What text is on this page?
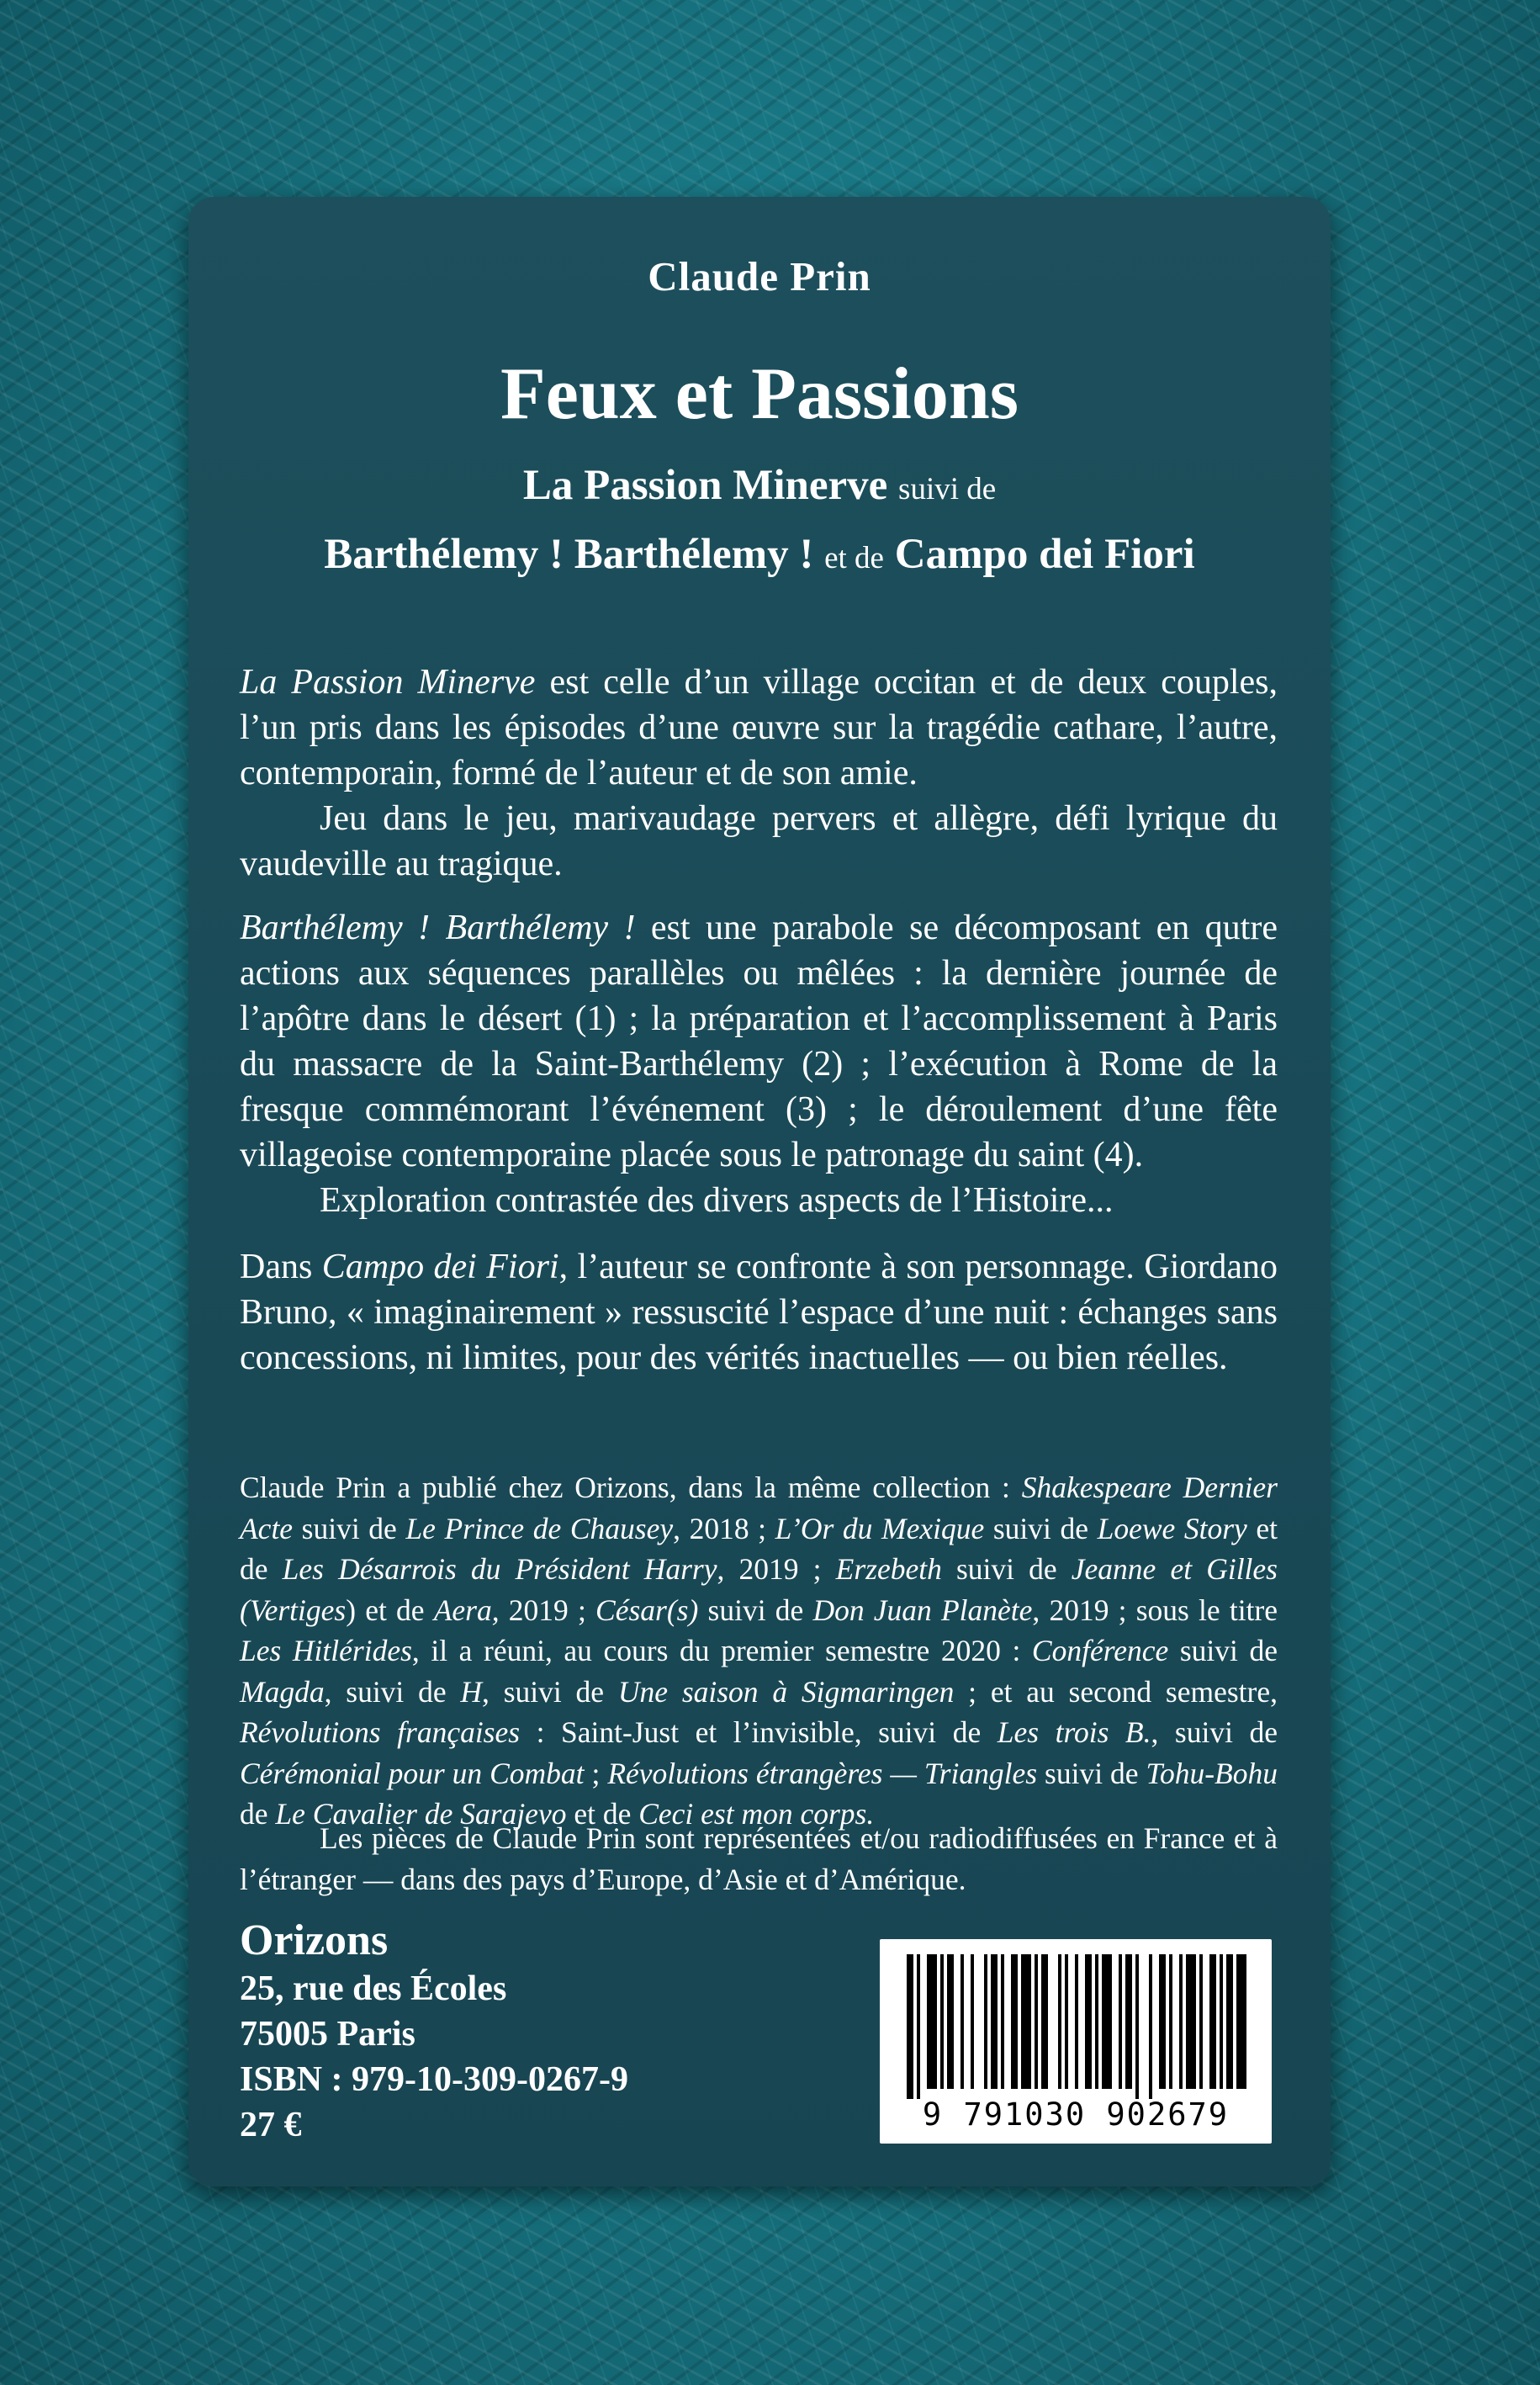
Claude Prin
Feux et Passions
La Passion Minerve suivi de
Barthélemy ! Barthélemy ! et de Campo dei Fiori

La Passion Minerve est celle d’un village occitan et de deux couples, l’un pris dans les épisodes d’une œuvre sur la tragédie cathare, l’autre, contemporain, formé de l’auteur et de son amie.

Jeu dans le jeu, marivaudage pervers et allègre, défi lyrique du vaudeville au tragique.

Barthélemy ! Barthélemy ! est une parabole se décomposant en qutre actions aux séquences parallèles ou mêlées : la dernière journée de l’apôtre dans le désert (1) ; la préparation et l’accomplissement à Paris du massacre de la Saint-Barthélemy (2) ; l’exécution à Rome de la fresque commémorant l’événement (3) ; le déroulement d’une fête villageoise contemporaine placée sous le patronage du saint (4).

Exploration contrastée des divers aspects de l’Histoire...

Dans Campo dei Fiori, l’auteur se confronte à son personnage. Giordano Bruno, « imaginairement » ressuscité l’espace d’une nuit : échanges sans concessions, ni limites, pour des vérités inactuelles — ou bien réelles.

Claude Prin a publié chez Orizons, dans la même collection : Shakespeare Dernier Acte suivi de Le Prince de Chausey, 2018 ; L’Or du Mexique suivi de Loewe Story et de Les Désarrois du Président Harry, 2019 ; Erzebeth suivi de Jeanne et Gilles (Vertiges) et de Aera, 2019 ; César(s) suivi de Don Juan Planète, 2019 ; sous le titre Les Hitlérides, il a réuni, au cours du premier semestre 2020 : Conférence suivi de Magda, suivi de H, suivi de Une saison à Sigmaringen ; et au second semestre, Révolutions françaises : Saint-Just et l’invisible, suivi de Les trois B., suivi de Cérémonial pour un Combat ; Révolutions étrangères — Triangles suivi de Tohu-Bohu de Le Cavalier de Sarajevo et de Ceci est mon corps.

Les pièces de Claude Prin sont représentées et/ou radiodiffusées en France et à l’étranger — dans des pays d’Europe, d’Asie et d’Amérique.

Orizons
25, rue des Écoles
75005 Paris
ISBN : 979-10-309-0267-9
27 €	9 791030 902679
